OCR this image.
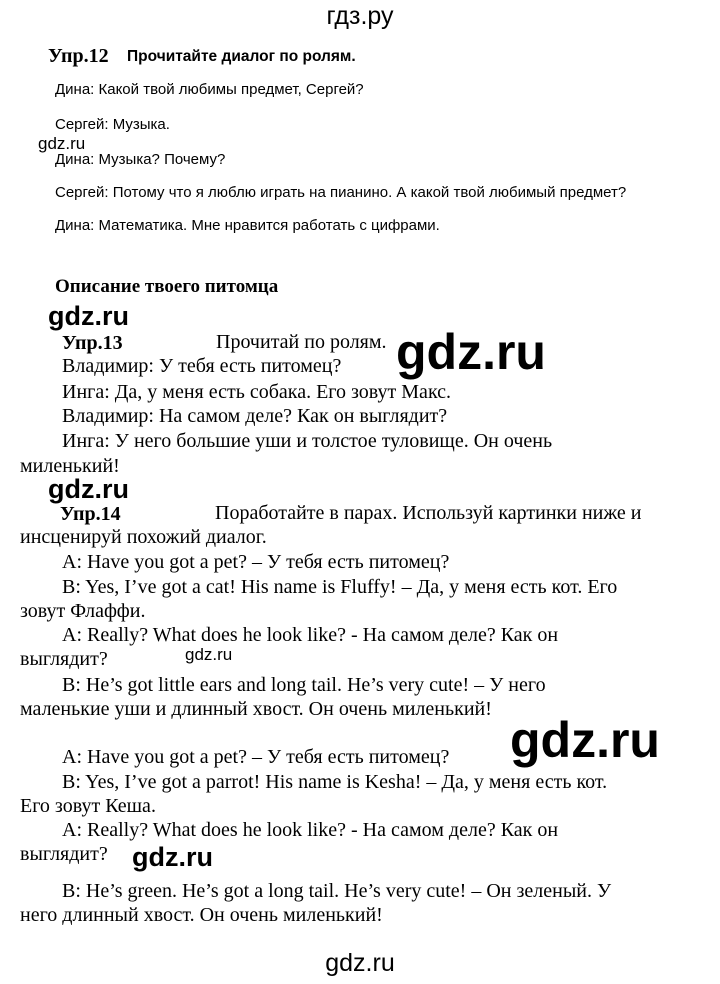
гдз.ру
Упр.12 Прочитайте диалог по ролям.
Дина: Какой твой любимы предмет, Сергей?
Сергей: Музыка.
Дина: Музыка? Почему?
Сергей: Потому что я люблю играть на пианино. А какой твой любимый предмет?
Дина: Математика. Мне нравится работать с цифрами.
Описание твоего питомца
Упр.13	Прочитай по ролям.
Владимир: У тебя есть питомец?
Инга: Да, у меня есть собака. Его зовут Макс.
Владимир: На самом деле? Как он выглядит?
Инга: У него большие уши и толстое туловище. Он очень
миленький!
Упр.14	Поработайте в парах. Используй картинки ниже и
инсценируй похожий диалог.
A: Have you got a pet? – У тебя есть питомец?
B: Yes, I’ve got a cat! His name is Fluffy! – Да, у меня есть кот. Его
зовут Флаффи.
A: Really? What does he look like? - На самом деле? Как он
выглядит?
B: He’s got little ears and long tail. He’s very cute! – У него
маленькие уши и длинный хвост. Он очень миленький!
A: Have you got a pet? – У тебя есть питомец?
B: Yes, I’ve got a parrot! His name is Kesha! – Да, у меня есть кот.
Его зовут Кеша.
A: Really? What does he look like? - На самом деле? Как он
выглядит?
B: He’s green. He’s got a long tail. He’s very cute! – Он зеленый. У
него длинный хвост. Он очень миленький!
gdz.ru
gdz.ru
gdz.ru
gdz.ru
gdz.ru
gdz.ru
gdz.ru
gdz.ru
